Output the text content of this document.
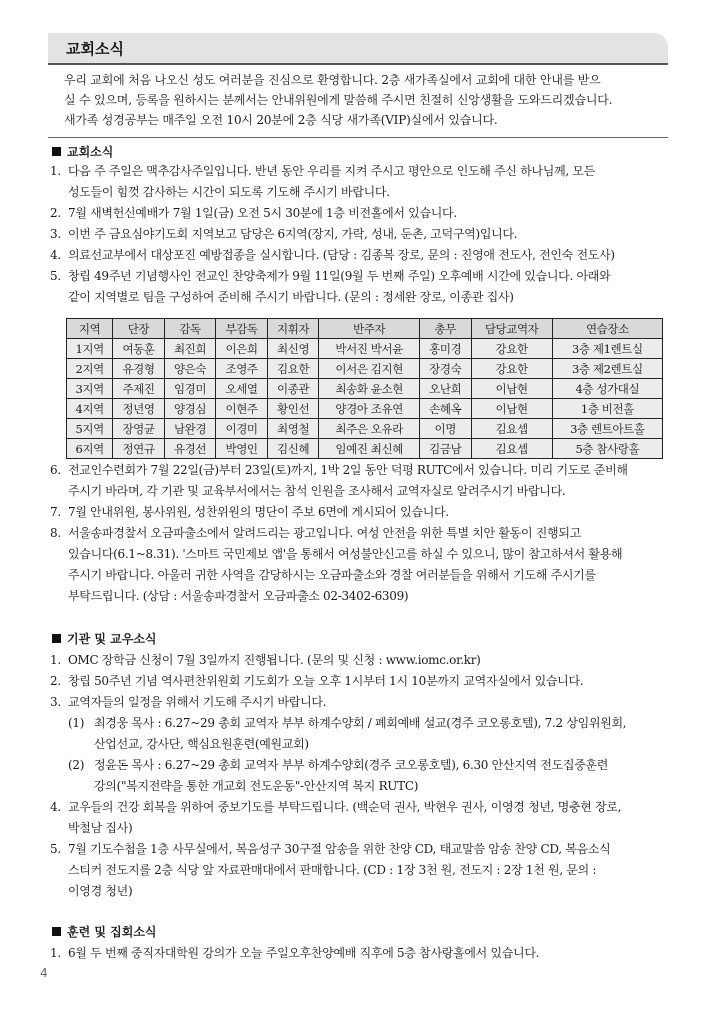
교회소식
우리 교회에 처음 나오신 성도 여러분을 진심으로 환영합니다. 2층 새가족실에서 교회에 대한 안내를 받으
실 수 있으며, 등록을 원하시는 분께서는 안내위원에게 말씀해 주시면 친절히 신앙생활을 도와드리겠습니다.
새가족 성경공부는 매주일 오전 10시 20분에 2층 식당 새가족(VIP)실에서 있습니다.
교회소식
1. 다음 주 주일은 맥추감사주일입니다. 반년 동안 우리를 지켜 주시고 평안으로 인도해 주신 하나님께, 모든
성도들이 힘껏 감사하는 시간이 되도록 기도해 주시기 바랍니다.
2. 7월 새벽헌신예배가 7월 1일(금) 오전 5시 30분에 1층 비전홀에서 있습니다.
3. 이번 주 금요심야기도회 지역보고 담당은 6지역(장지, 가락, 성내, 둔촌, 고덕구역)입니다.
4. 의료선교부에서 대상포진 예방접종을 실시합니다. (담당 : 김종복 장로, 문의 : 진영애 전도사, 전인숙 전도사)
5. 창립 49주년 기념행사인 전교인 찬양축제가 9월 11일(9월 두 번째 주일) 오후예배 시간에 있습니다. 아래와
같이 지역별로 팀을 구성하여 준비해 주시기 바랍니다. (문의 : 정세완 장로, 이종관 집사)
지역	단장	감독	부감독	지휘자	반주자	총무	담당교역자	연습장소
1지역	여동훈	최진희	이은희	최신영	박서진 박서윤	홍미경	강요한	3층 제1렌트실
2지역	유경형	양은숙	조영주	김요한	이서은 김지현	장경숙	강요한	3층 제2렌트실
3지역	주제진	임경미	오세열	이종관	최송화 윤소현	오난희	이남현	4층 성가대실
4지역	정년영	양경심	이현주	황인선	양경아 조유연	손혜옥	이남현	1층 비전홀
5지역	장영균	남완경	이경미	최영철	최주은 오유라	이명	김요셉	3층 렌트아트홀
6지역	정연규	유경선	박영인	김신혜	임예진 최신혜	김금남	김요셉	5층 참사랑홀
6. 전교인수련회가 7월 22일(금)부터 23일(토)까지, 1박 2일 동안 덕평 RUTC에서 있습니다. 미리 기도로 준비해
주시기 바라며, 각 기관 및 교육부서에서는 참석 인원을 조사해서 교역자실로 알려주시기 바랍니다.
7. 7월 안내위원, 봉사위원, 성찬위원의 명단이 주보 6면에 게시되어 있습니다.
8. 서울송파경찰서 오금파출소에서 알려드리는 광고입니다. 여성 안전을 위한 특별 치안 활동이 진행되고
있습니다(6.1~8.31). '스마트 국민제보 앱'을 통해서 여성불안신고를 하실 수 있으니, 많이 참고하셔서 활용해
주시기 바랍니다. 아울러 귀한 사역을 감당하시는 오금파출소와 경찰 여러분들을 위해서 기도해 주시기를
부탁드립니다. (상담 : 서울송파경찰서 오금파출소 02-3402-6309)
기관 및 교우소식
1. OMC 장학금 신청이 7월 3일까지 진행됩니다. (문의 및 신청 : www.iomc.or.kr)
2. 창립 50주년 기념 역사편찬위원회 기도회가 오늘 오후 1시부터 1시 10분까지 교역자실에서 있습니다.
3. 교역자들의 일정을 위해서 기도해 주시기 바랍니다.
(1) 최경웅 목사 : 6.27~29 총회 교역자 부부 하계수양회 / 폐회예배 설교(경주 코오롱호텔), 7.2 상임위원회,
산업선교, 강사단, 핵심요원훈련(예원교회)
(2) 정윤돈 목사 : 6.27~29 총회 교역자 부부 하계수양회(경주 코오롱호텔), 6.30 안산지역 전도집중훈련
강의("복지전략을 통한 개교회 전도운동"-안산지역 복지 RUTC)
4. 교우들의 건강 회복을 위하여 중보기도를 부탁드립니다. (백순덕 권사, 박현우 권사, 이영경 청년, 명충현 장로,
박철남 집사)
5. 7월 기도수첩을 1층 사무실에서, 복음성구 30구절 암송을 위한 찬양 CD, 태교말씀 암송 찬양 CD, 복음소식
스티커 전도지를 2층 식당 앞 자료판매대에서 판매합니다. (CD : 1장 3천 원, 전도지 : 2장 1천 원, 문의 :
이영경 청년)
훈련 및 집회소식
1. 6월 두 번째 중직자대학원 강의가 오늘 주일오후찬양예배 직후에 5층 참사랑홀에서 있습니다.
4
